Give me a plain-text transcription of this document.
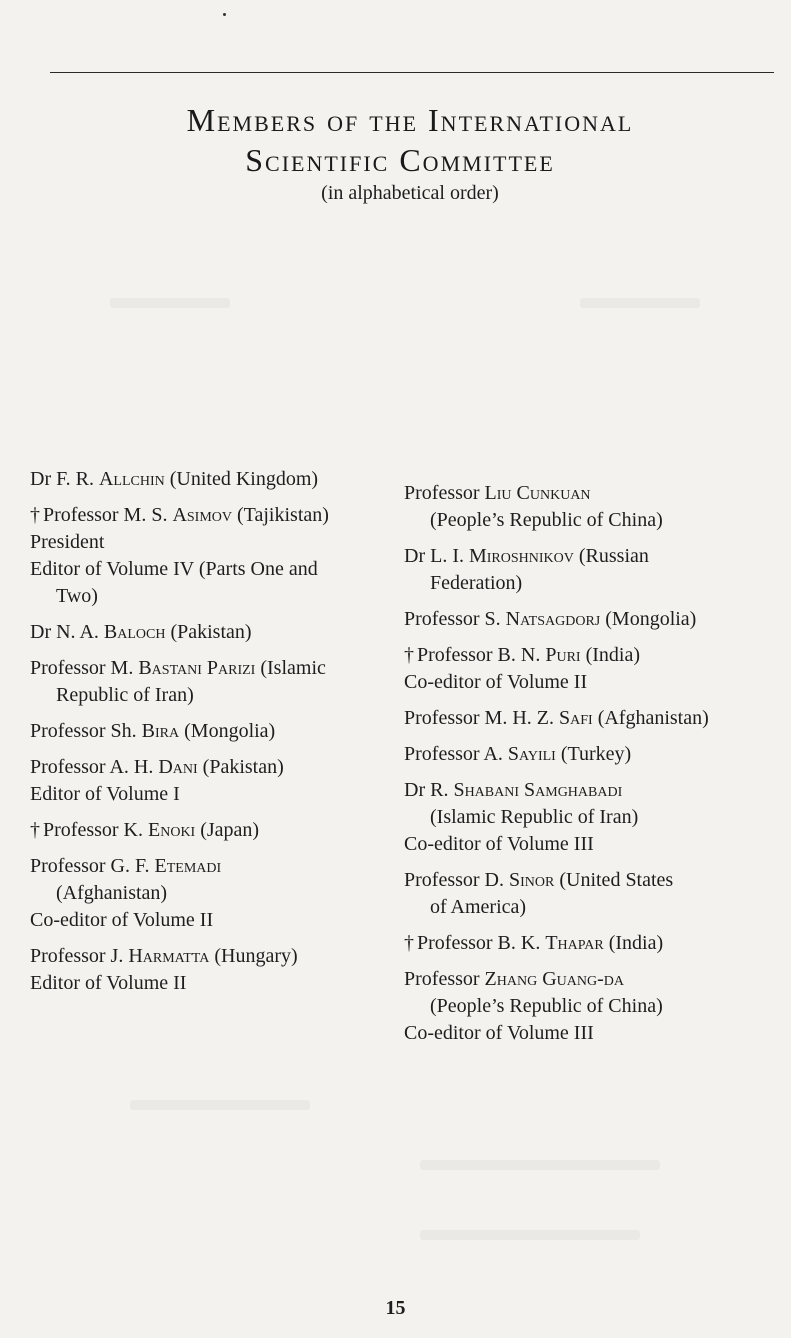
Members of the International
Scientific Committee
(in alphabetical order)
Dr F. R. Allchin (United Kingdom)
† Professor M. S. Asimov (Tajikistan)
President
Editor of Volume IV (Parts One and
Two)
Dr N. A. Baloch (Pakistan)
Professor M. Bastani Parizi (Islamic
Republic of Iran)
Professor Sh. Bira (Mongolia)
Professor A. H. Dani (Pakistan)
Editor of Volume I
† Professor K. Enoki (Japan)
Professor G. F. Etemadi
(Afghanistan)
Co-editor of Volume II
Professor J. Harmatta (Hungary)
Editor of Volume II
Professor Liu Cunkuan
(People’s Republic of China)
Dr L. I. Miroshnikov (Russian
Federation)
Professor S. Natsagdorj (Mongolia)
† Professor B. N. Puri (India)
Co-editor of Volume II
Professor M. H. Z. Safi (Afghanistan)
Professor A. Sayili (Turkey)
Dr R. Shabani Samghabadi
(Islamic Republic of Iran)
Co-editor of Volume III
Professor D. Sinor (United States
of America)
† Professor B. K. Thapar (India)
Professor Zhang Guang-da
(People’s Republic of China)
Co-editor of Volume III
15
